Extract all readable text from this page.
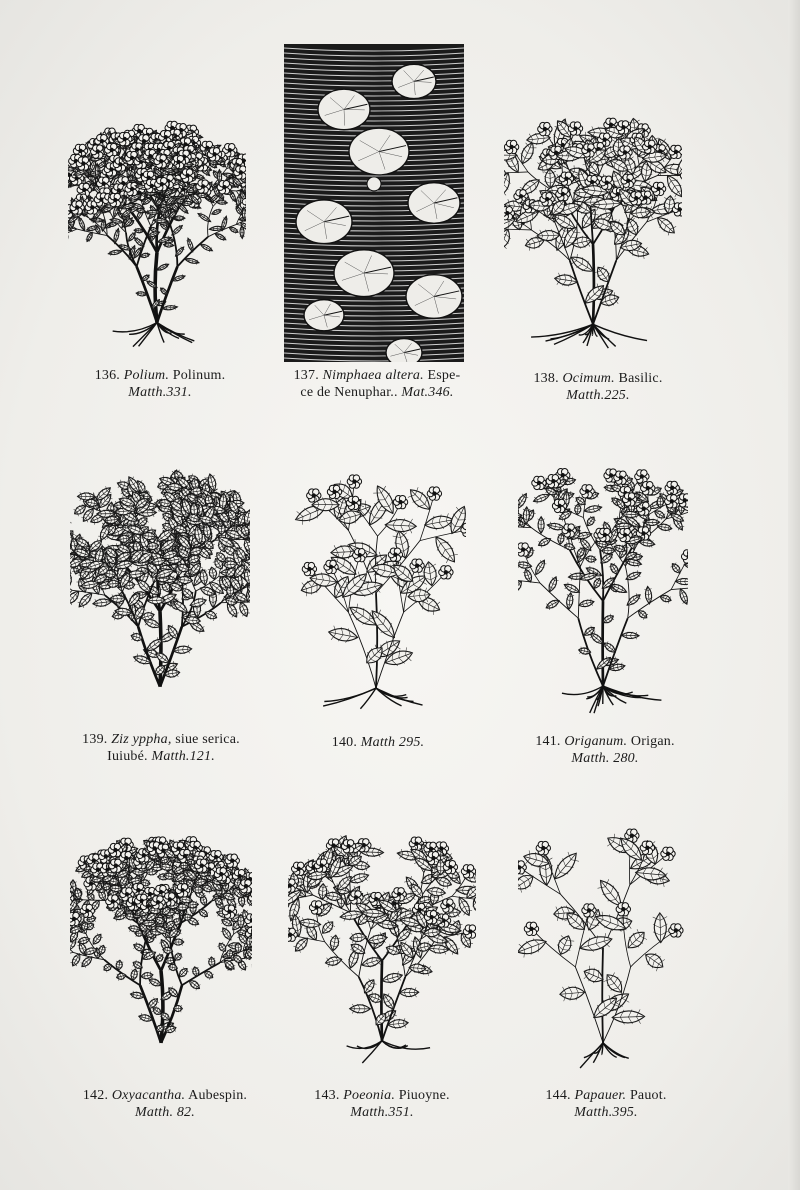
136. Polium. Polinum.
Matth.331.
137. Nimphaea altera. Espe-
ce de Nenuphar.. Mat.346.
138. Ocimum. Basilic.
Matth.225.
139. Ziz yppha, siue serica.
Iuiubé. Matth.121.
140. Matth 295.	141. Origanum. Origan.
Matth. 280.
142. Oxyacantha. Aubespin.
Matth. 82.
143. Poeonia. Piuoyne.
Matth.351.
144. Papauer. Pauot.
Matth.395.
